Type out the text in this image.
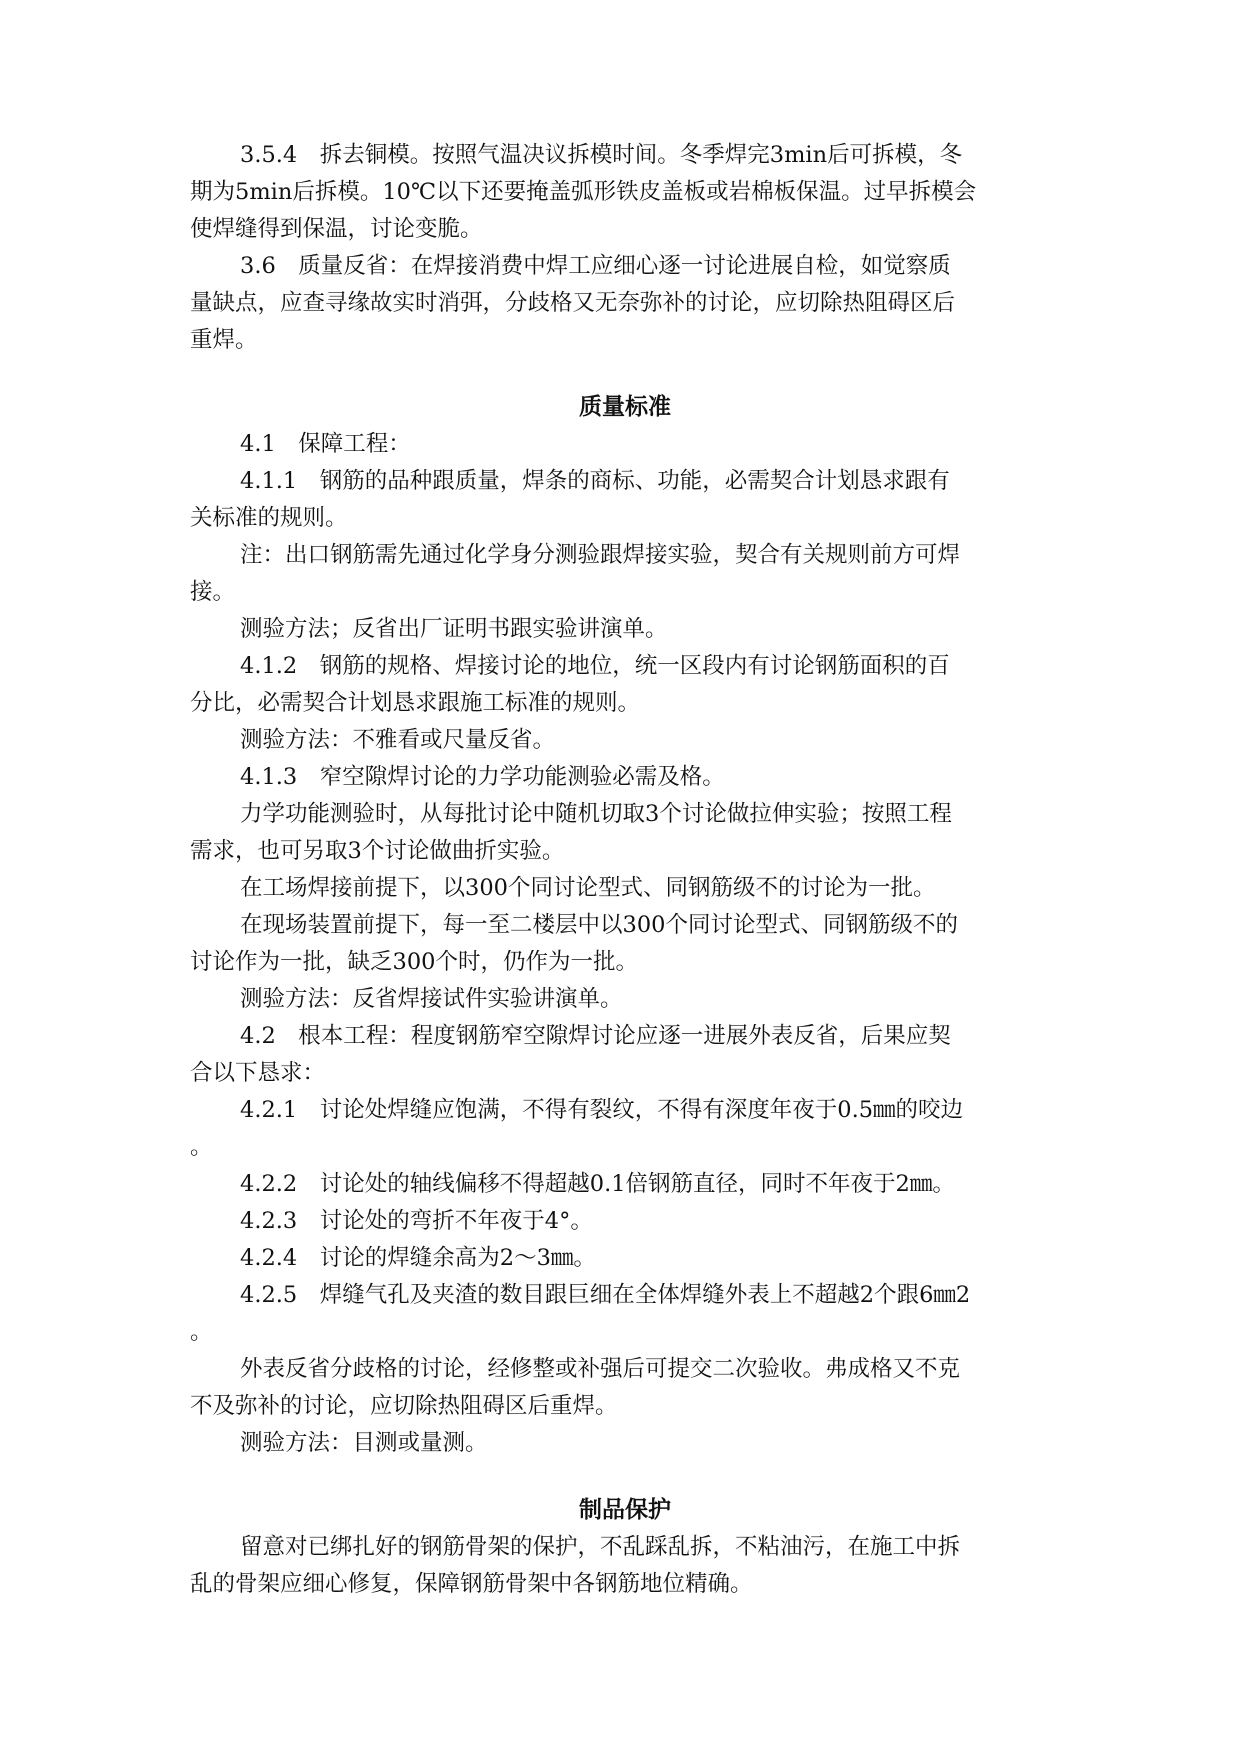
3.5.4　拆去铜模。按照气温决议拆模时间。冬季焊完3min后可拆模，冬

期为5min后拆模。10℃以下还要掩盖弧形铁皮盖板或岩棉板保温。过早拆模会

使焊缝得到保温，讨论变脆。

3.6　质量反省：在焊接消费中焊工应细心逐一讨论进展自检，如觉察质

量缺点，应查寻缘故实时消弭，分歧格又无奈弥补的讨论，应切除热阻碍区后

重焊。

质量标准

4.1　保障工程：

4.1.1　钢筋的品种跟质量，焊条的商标、功能，必需契合计划恳求跟有

关标准的规则。

注：出口钢筋需先通过化学身分测验跟焊接实验，契合有关规则前方可焊

接。

测验方法；反省出厂证明书跟实验讲演单。

4.1.2　钢筋的规格、焊接讨论的地位，统一区段内有讨论钢筋面积的百

分比，必需契合计划恳求跟施工标准的规则。

测验方法：不雅看或尺量反省。

4.1.3　窄空隙焊讨论的力学功能测验必需及格。

力学功能测验时，从每批讨论中随机切取3个讨论做拉伸实验；按照工程

需求，也可另取3个讨论做曲折实验。

在工场焊接前提下，以300个同讨论型式、同钢筋级不的讨论为一批。

在现场装置前提下，每一至二楼层中以300个同讨论型式、同钢筋级不的

讨论作为一批，缺乏300个时，仍作为一批。

测验方法：反省焊接试件实验讲演单。

4.2　根本工程：程度钢筋窄空隙焊讨论应逐一进展外表反省，后果应契

合以下恳求：

4.2.1　讨论处焊缝应饱满，不得有裂纹，不得有深度年夜于0.5㎜的咬边

。

4.2.2　讨论处的轴线偏移不得超越0.1倍钢筋直径，同时不年夜于2㎜。

4.2.3　讨论处的弯折不年夜于4°。

4.2.4　讨论的焊缝余高为2～3㎜。

4.2.5　焊缝气孔及夹渣的数目跟巨细在全体焊缝外表上不超越2个跟6㎜2

。

外表反省分歧格的讨论，经修整或补强后可提交二次验收。弗成格又不克

不及弥补的讨论，应切除热阻碍区后重焊。

测验方法：目测或量测。

制品保护

留意对已绑扎好的钢筋骨架的保护，不乱踩乱拆，不粘油污，在施工中拆

乱的骨架应细心修复，保障钢筋骨架中各钢筋地位精确。
